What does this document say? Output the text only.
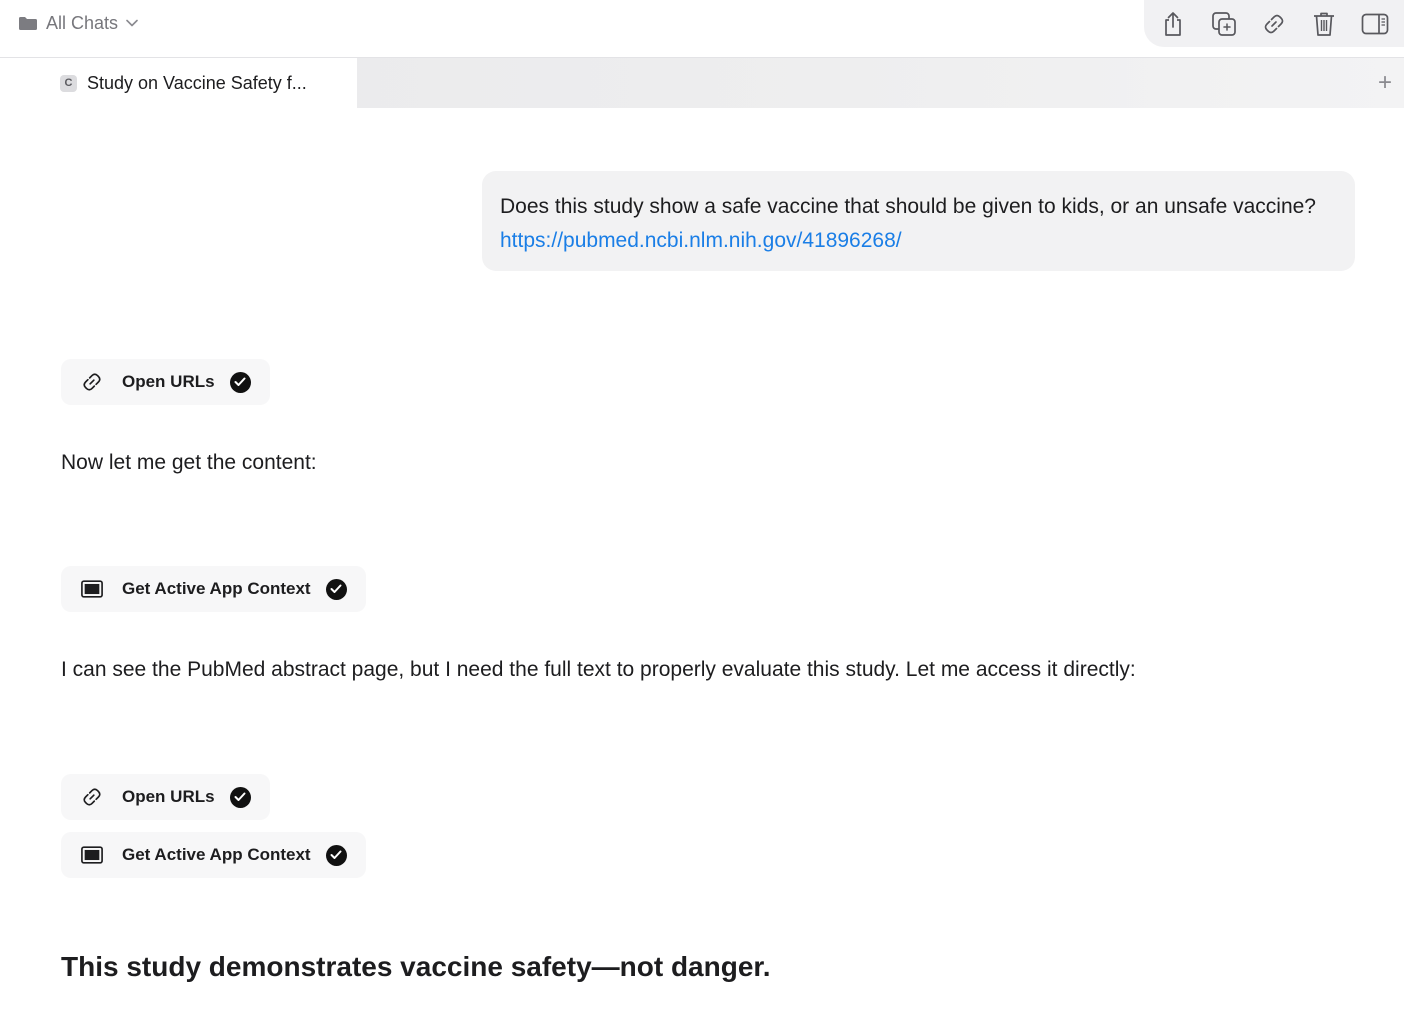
All Chats
C Study on Vaccine Safety f...	+
Does this study show a safe vaccine that should be given to kids, or an unsafe vaccine? https://pubmed.ncbi.nlm.nih.gov/41896268/
Open URLs
Now let me get the content:
Get Active App Context
I can see the PubMed abstract page, but I need the full text to properly evaluate this study. Let me access it directly:
Open URLs
Get Active App Context
This study demonstrates vaccine safety—not danger.
